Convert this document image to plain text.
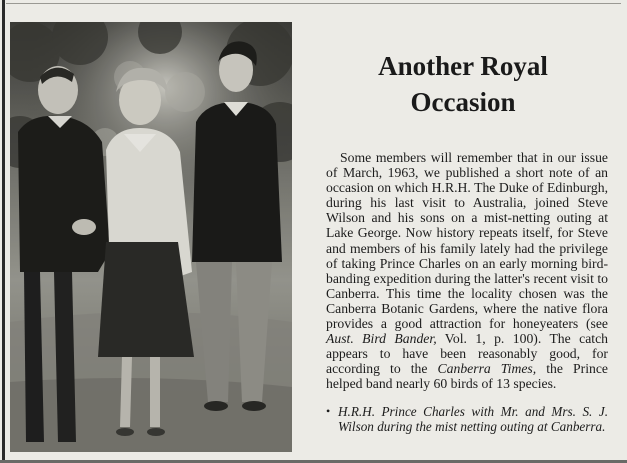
Another Royal
Occasion

Some members will remember that in our issue of March, 1963, we published a short note of an occasion on which H.R.H. The Duke of Edinburgh, during his last visit to Australia, joined Steve Wilson and his sons on a mist-netting outing at Lake George. Now history repeats itself, for Steve and members of his family lately had the privilege of taking Prince Charles on an early morning bird-banding expedition during the latter's recent visit to Canberra. This time the locality chosen was the Canberra Botanic Gardens, where the native flora provides a good attraction for honeyeaters (see Aust. Bird Bander, Vol. 1, p. 100). The catch appears to have been reasonably good, for according to the Canberra Times, the Prince helped band nearly 60 birds of 13 species.

• H.R.H. Prince Charles with Mr. and Mrs. S. J. Wilson during the mist netting outing at Canberra.
